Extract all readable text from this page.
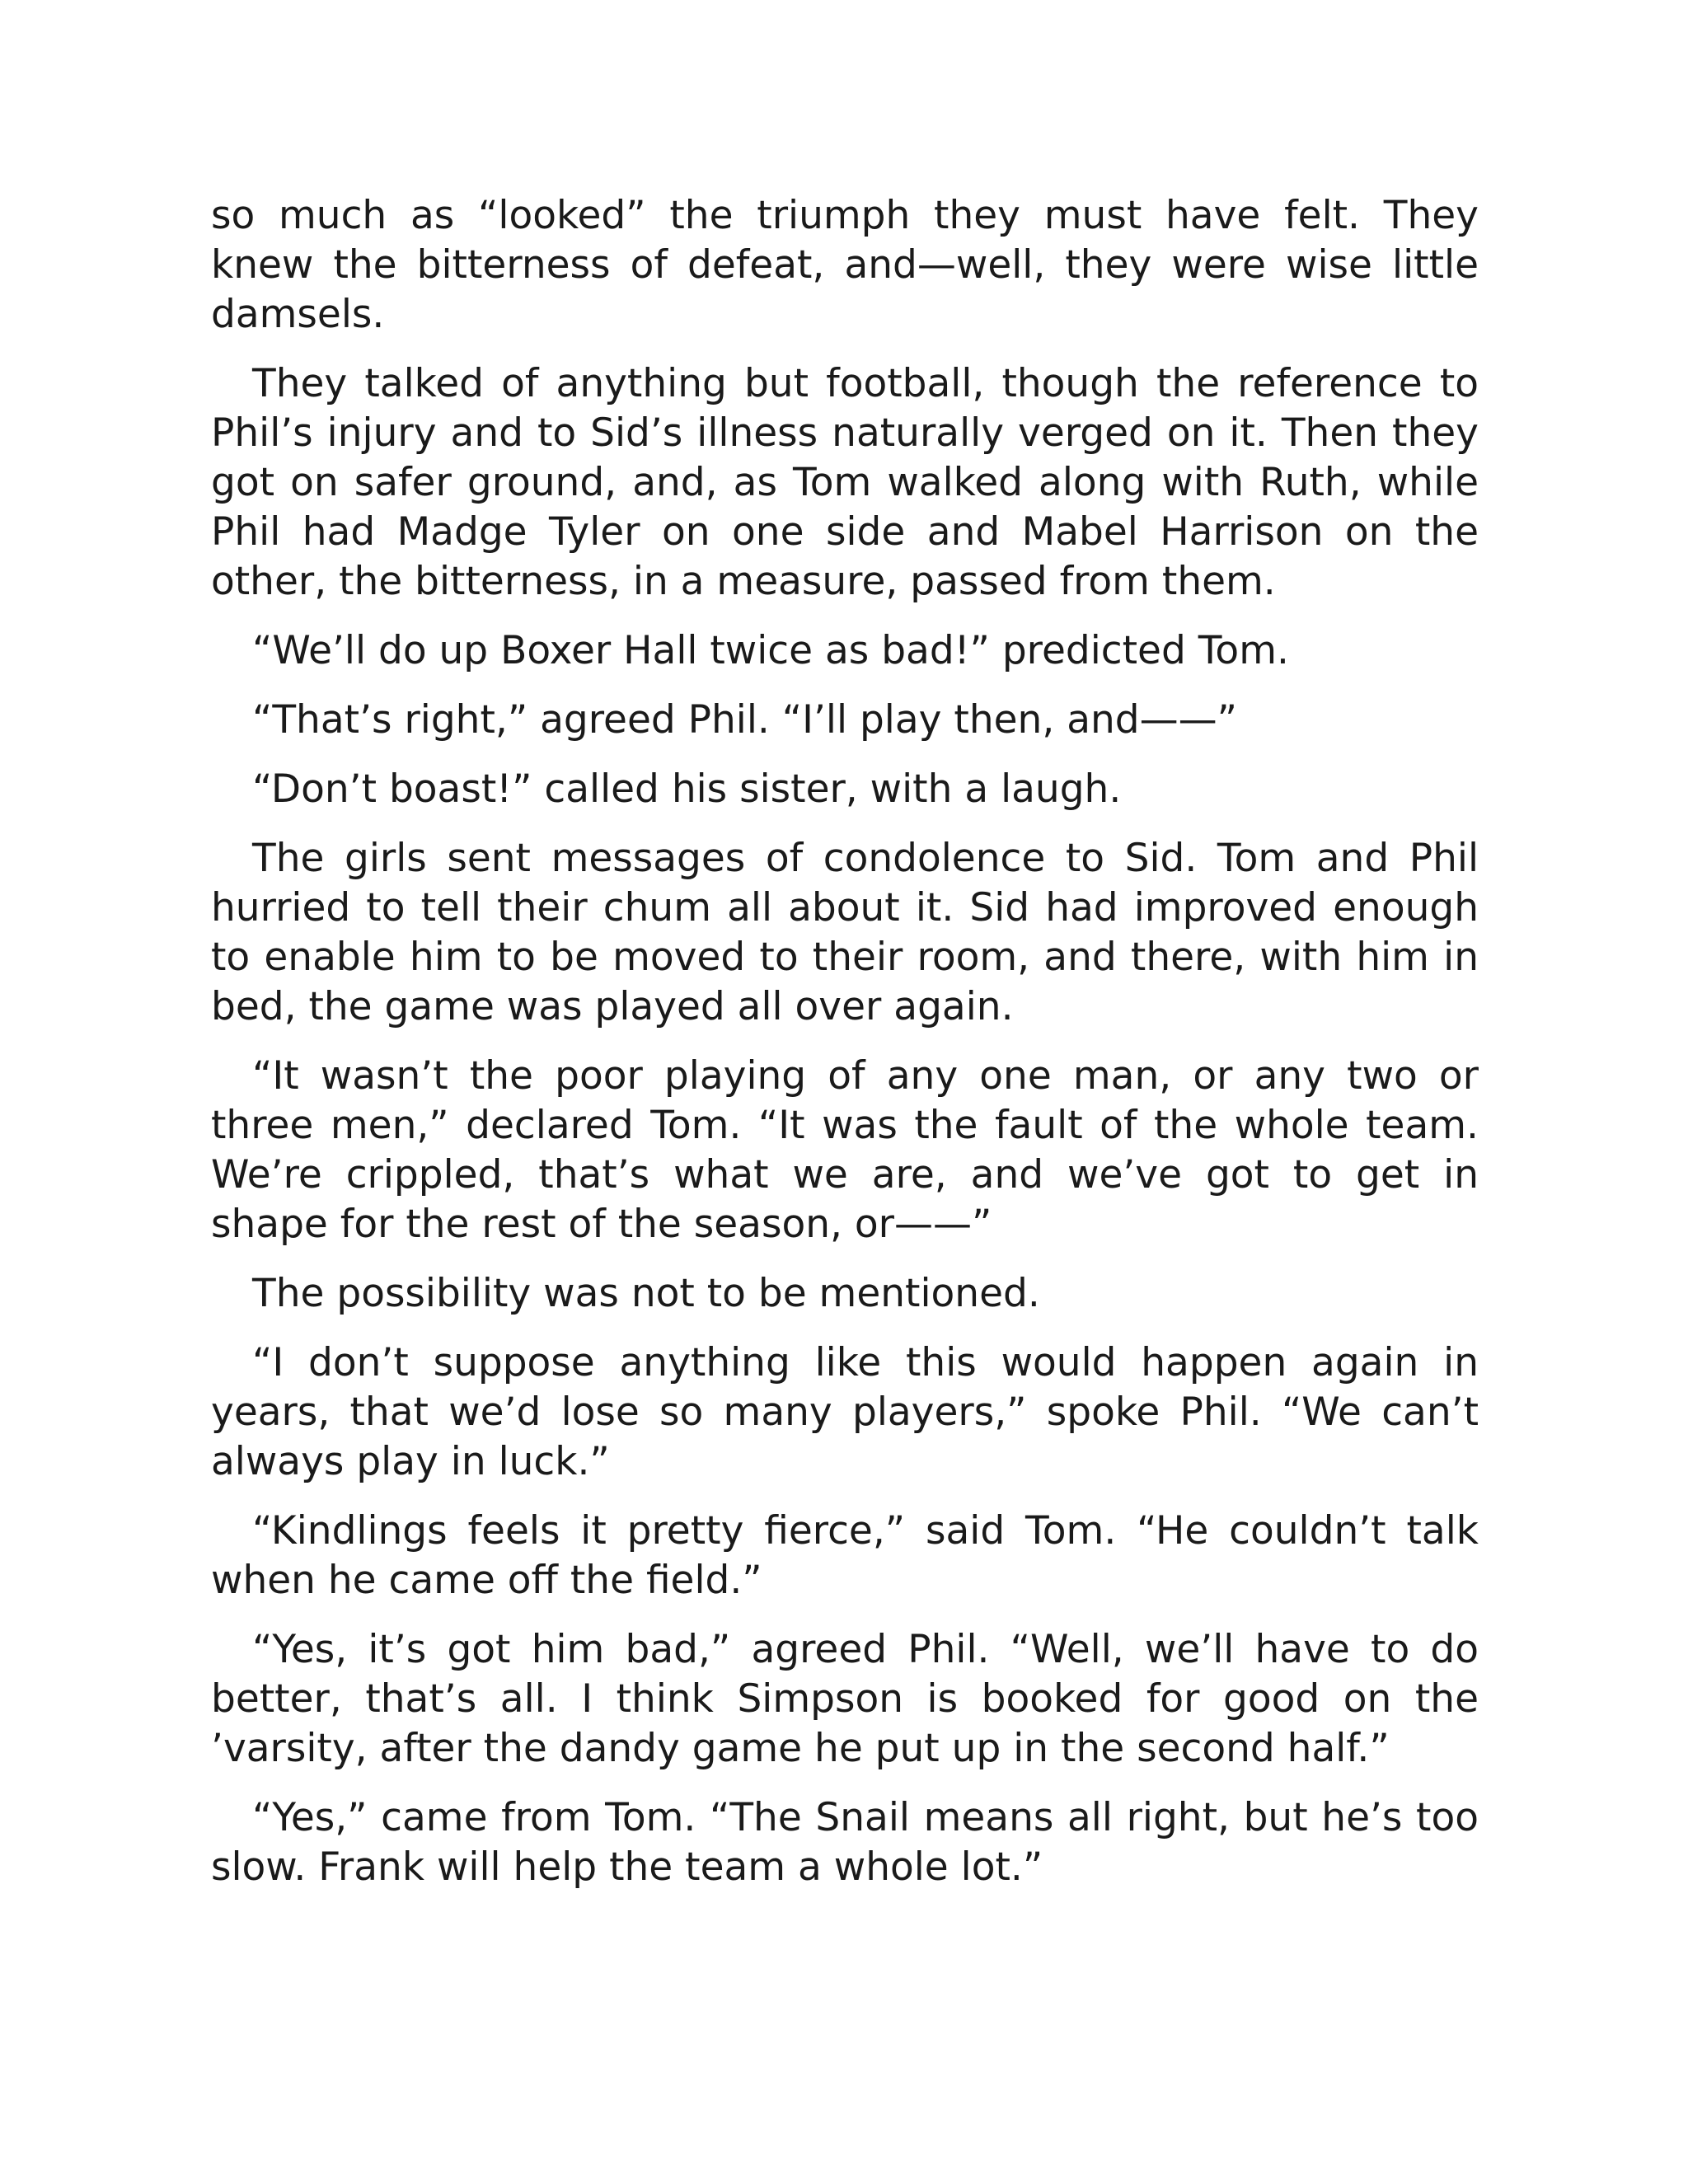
so much as “looked” the triumph they must have felt. They knew the bitterness of defeat, and—well, they were wise little damsels.

They talked of anything but football, though the reference to Phil’s injury and to Sid’s illness naturally verged on it. Then they got on safer ground, and, as Tom walked along with Ruth, while Phil had Madge Tyler on one side and Mabel Harrison on the other, the bitterness, in a measure, passed from them.

“We’ll do up Boxer Hall twice as bad!” predicted Tom.

“That’s right,” agreed Phil. “I’ll play then, and——”

“Don’t boast!” called his sister, with a laugh.

The girls sent messages of condolence to Sid. Tom and Phil hurried to tell their chum all about it. Sid had improved enough to enable him to be moved to their room, and there, with him in bed, the game was played all over again.

“It wasn’t the poor playing of any one man, or any two or three men,” declared Tom. “It was the fault of the whole team. We’re crippled, that’s what we are, and we’ve got to get in shape for the rest of the season, or——”

The possibility was not to be mentioned.

“I don’t suppose anything like this would happen again in years, that we’d lose so many players,” spoke Phil. “We can’t always play in luck.”

“Kindlings feels it pretty fierce,” said Tom. “He couldn’t talk when he came off the field.”

“Yes, it’s got him bad,” agreed Phil. “Well, we’ll have to do better, that’s all. I think Simpson is booked for good on the ’varsity, after the dandy game he put up in the second half.”

“Yes,” came from Tom. “The Snail means all right, but he’s too slow. Frank will help the team a whole lot.”
